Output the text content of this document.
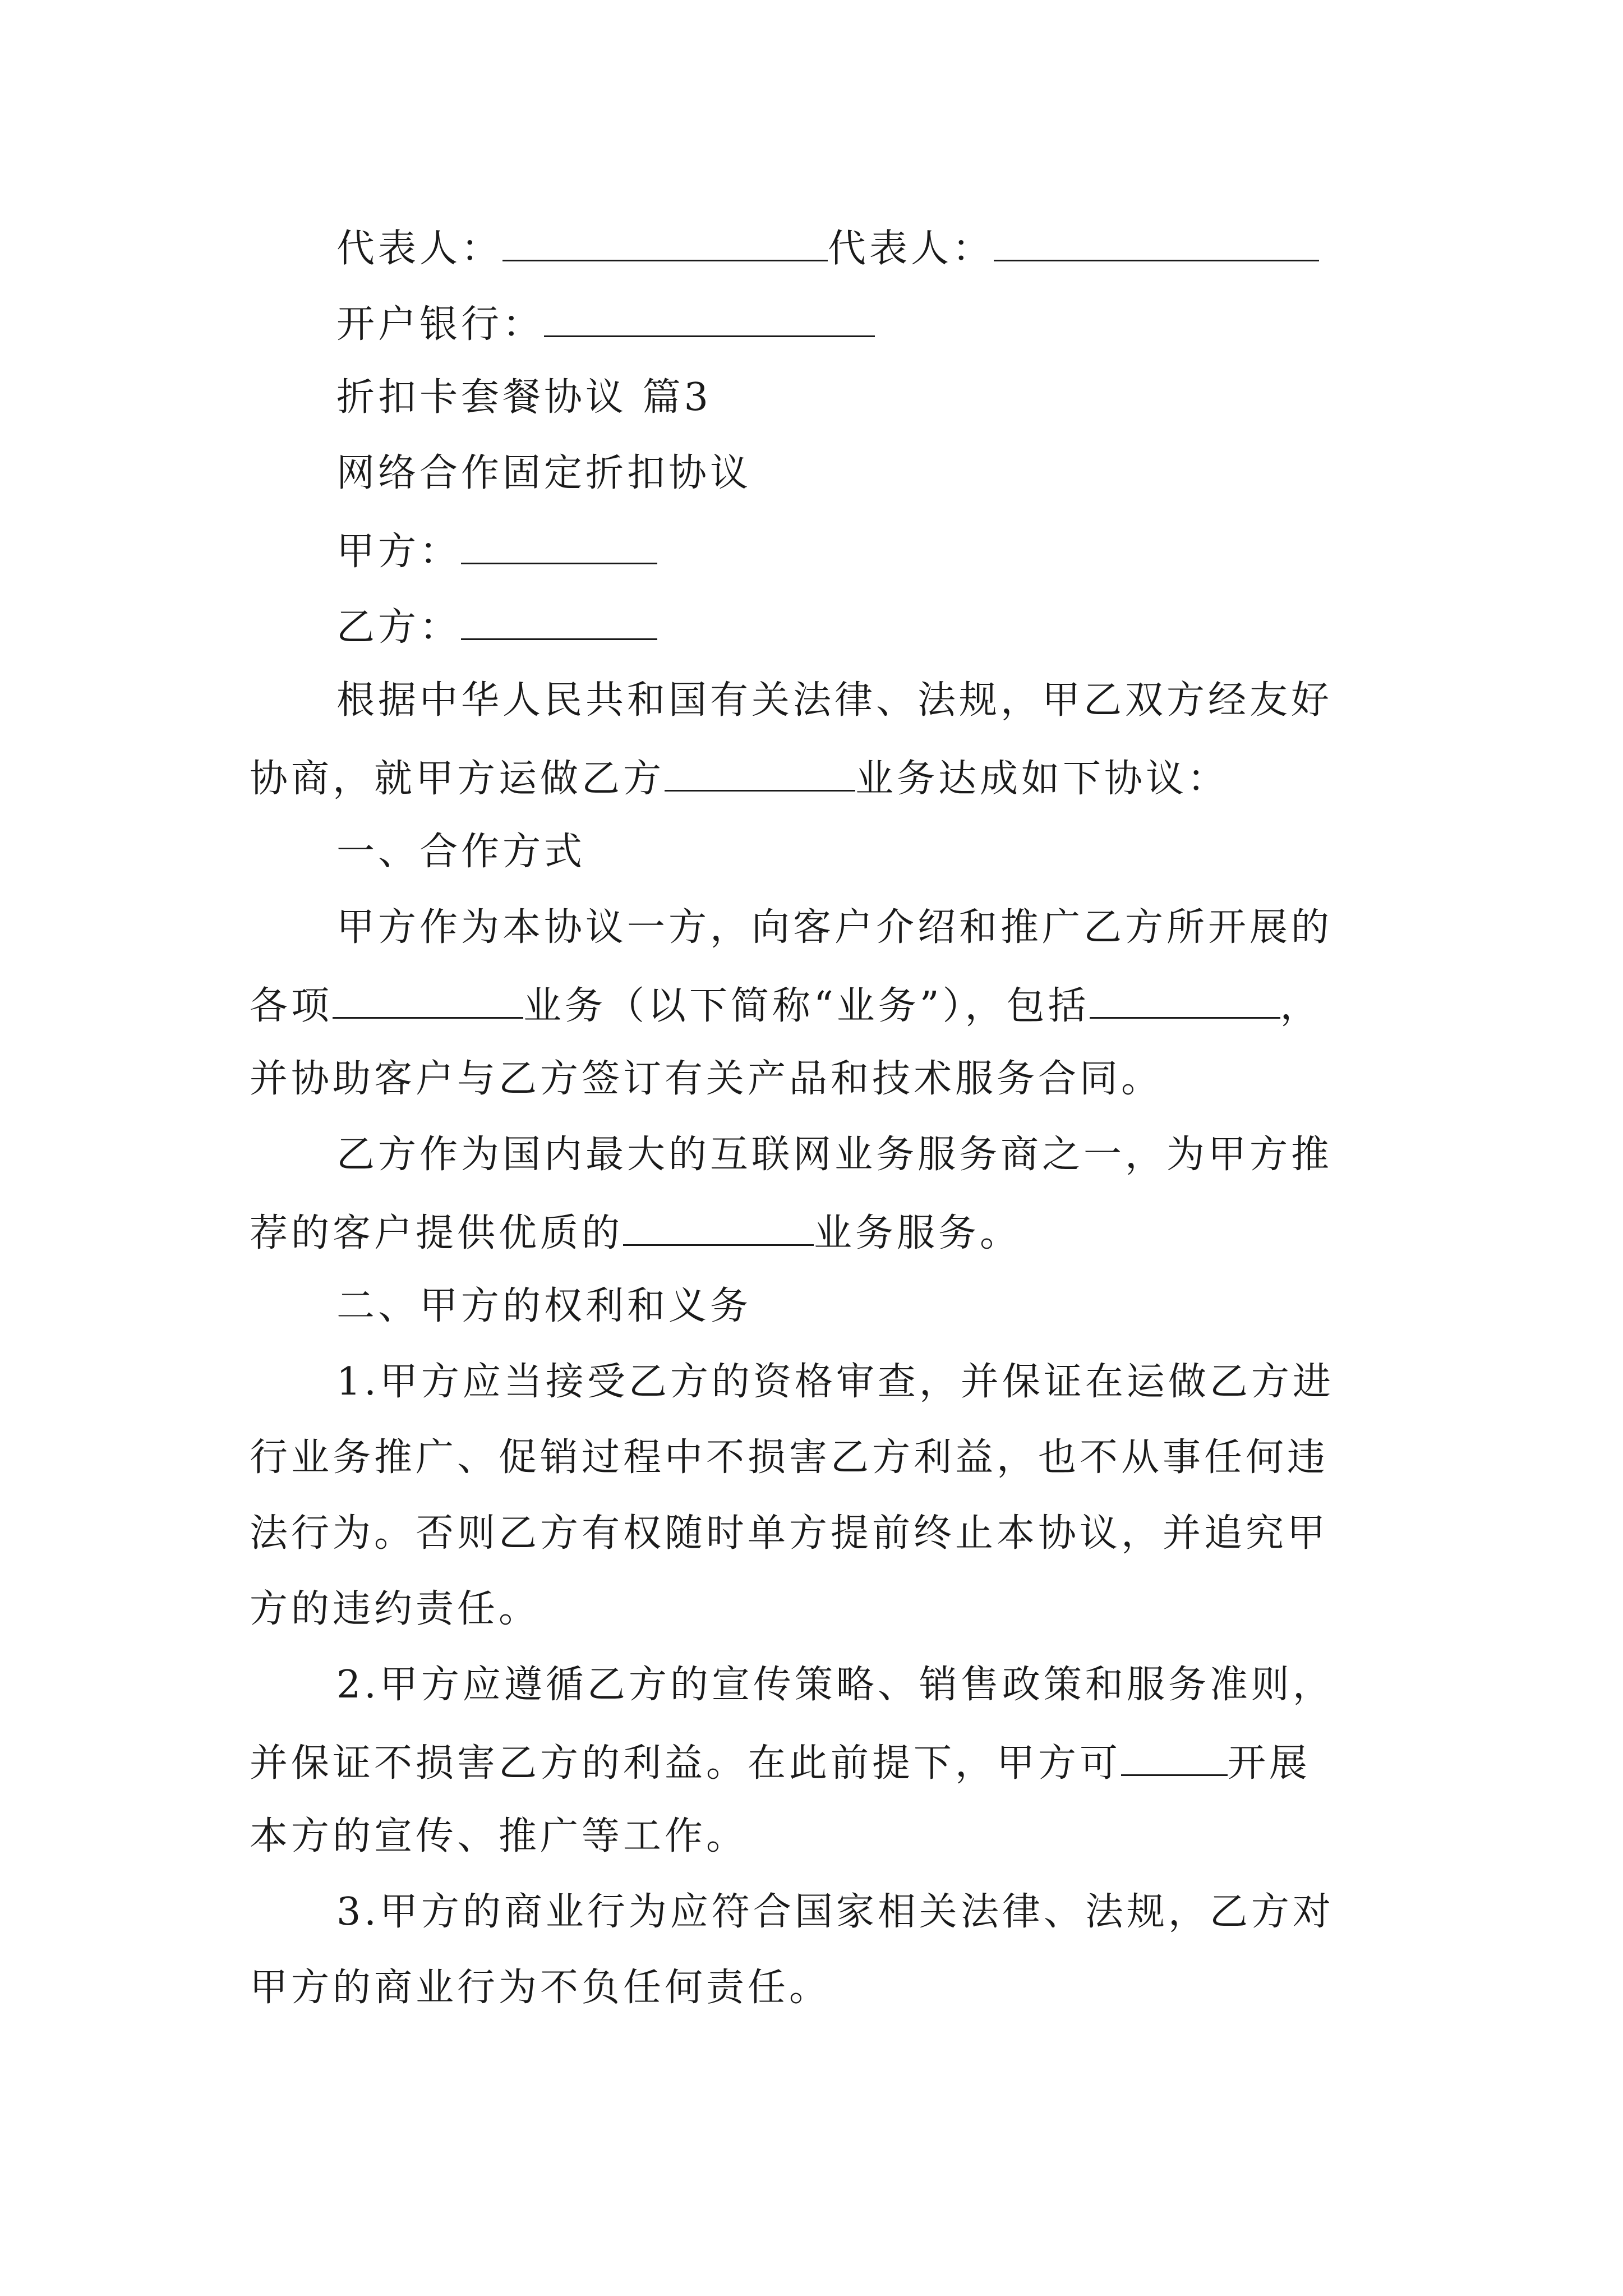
代表人：	代表人：
开户银行：
折扣卡套餐协议 篇3
网络合作固定折扣协议
甲方：
乙方：
根据中华人民共和国有关法律、法规，甲乙双方经友好
协商，就甲方运做乙方	业务达成如下协议：
一、合作方式
甲方作为本协议一方，向客户介绍和推广乙方所开展的
各项	业务（以下简称“业务”），包括	，
并协助客户与乙方签订有关产品和技术服务合同。
乙方作为国内最大的互联网业务服务商之一，为甲方推
荐的客户提供优质的	业务服务。
二、甲方的权利和义务
1.甲方应当接受乙方的资格审查，并保证在运做乙方进
行业务推广、促销过程中不损害乙方利益，也不从事任何违
法行为。否则乙方有权随时单方提前终止本协议，并追究甲
方的违约责任。
2.甲方应遵循乙方的宣传策略、销售政策和服务准则，
并保证不损害乙方的利益。在此前提下，甲方可	开展
本方的宣传、推广等工作。
3.甲方的商业行为应符合国家相关法律、法规，乙方对
甲方的商业行为不负任何责任。
